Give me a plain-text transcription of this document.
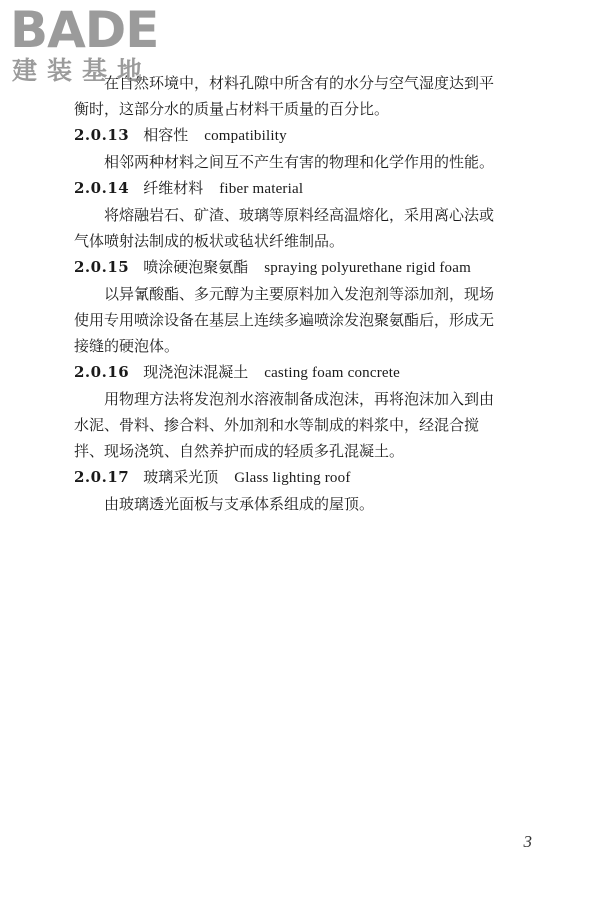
BADE
建装基地

在自然环境中，材料孔隙中所含有的水分与空气湿度达到平

衡时，这部分水的质量占材料干质量的百分比。

2.0.13 相容性 compatibility

相邻两种材料之间互不产生有害的物理和化学作用的性能。

2.0.14 纤维材料 fiber material

将熔融岩石、矿渣、玻璃等原料经高温熔化，采用离心法或

气体喷射法制成的板状或毡状纤维制品。

2.0.15 喷涂硬泡聚氨酯 spraying polyurethane rigid foam

以异氰酸酯、多元醇为主要原料加入发泡剂等添加剂，现场

使用专用喷涂设备在基层上连续多遍喷涂发泡聚氨酯后，形成无

接缝的硬泡体。

2.0.16 现浇泡沫混凝土 casting foam concrete

用物理方法将发泡剂水溶液制备成泡沫，再将泡沫加入到由

水泥、骨料、掺合料、外加剂和水等制成的料浆中，经混合搅

拌、现场浇筑、自然养护而成的轻质多孔混凝土。

2.0.17 玻璃采光顶 Glass lighting roof

由玻璃透光面板与支承体系组成的屋顶。

3
